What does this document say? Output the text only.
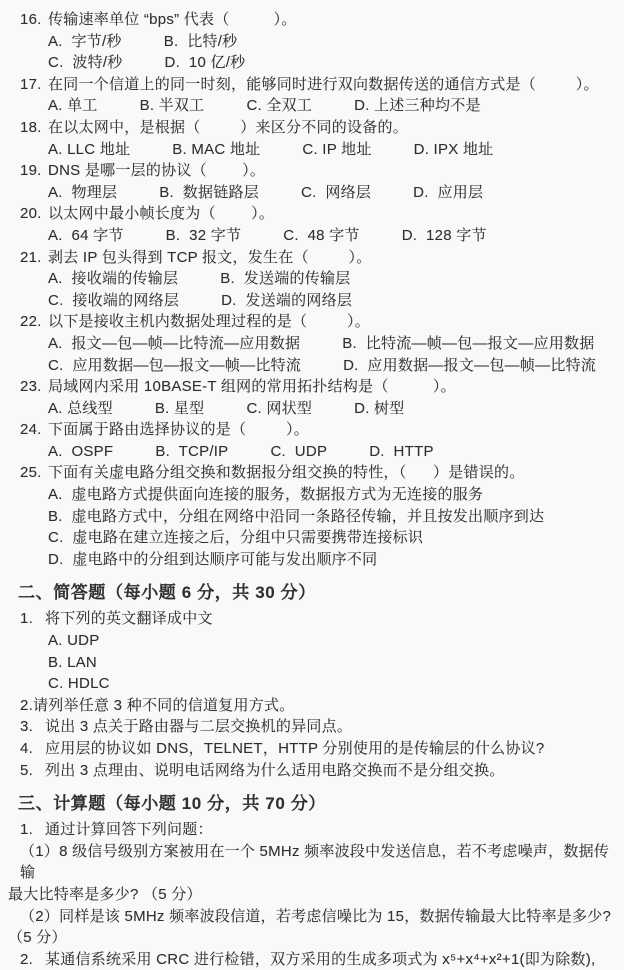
16. 传输速率单位 “bps” 代表（          ）。
A.  字节/秒	B.  比特/秒
C.  波特/秒	D.  10 亿/秒
17. 在同一个信道上的同一时刻，能够同时进行双向数据传送的通信方式是（         ）。
A. 单工	B. 半双工	C. 全双工	D. 上述三种均不是
18. 在以太网中，是根据（         ）来区分不同的设备的。
A. LLC 地址	B. MAC 地址	C. IP 地址	D. IPX 地址
19. DNS 是哪一层的协议（        ）。
A.  物理层	B.  数据链路层	C.  网络层	D.  应用层
20. 以太网中最小帧长度为（        ）。
A.  64 字节	B.  32 字节	C.  48 字节	D.  128 字节
21. 剥去 IP 包头得到 TCP 报文，发生在（         ）。
A.  接收端的传输层	B.  发送端的传输层
C.  接收端的网络层	D.  发送端的网络层
22. 以下是接收主机内数据处理过程的是（         ）。
A.  报文—包—帧—比特流—应用数据	B.  比特流—帧—包—报文—应用数据
C.  应用数据—包—报文—帧—比特流	D.  应用数据—报文—包—帧—比特流
23. 局域网内采用 10BASE-T 组网的常用拓扑结构是（          ）。
A. 总线型	B. 星型	C. 网状型	D. 树型
24. 下面属于路由选择协议的是（         ）。
A.  OSPF	B.  TCP/IP	C.  UDP	D.  HTTP
25. 下面有关虚电路分组交换和数据报分组交换的特性，（      ）是错误的。
A.  虚电路方式提供面向连接的服务，数据报方式为无连接的服务
B.  虚电路方式中，分组在网络中沿同一条路径传输，并且按发出顺序到达
C.  虚电路在建立连接之后，分组中只需要携带连接标识
D.  虚电路中的分组到达顺序可能与发出顺序不同
二、简答题（每小题 6 分，共 30 分）
1. 将下列的英文翻译成中文
A. UDP
B. LAN
C. HDLC
2.请列举任意 3 种不同的信道复用方式。
3. 说出 3 点关于路由器与二层交换机的异同点。
4. 应用层的协议如 DNS，TELNET，HTTP 分别使用的是传输层的什么协议?
5. 列出 3 点理由、说明电话网络为什么适用电路交换而不是分组交换。
三、计算题（每小题 10 分，共 70 分）
1. 通过计算回答下列问题：
（1）8 级信号级别方案被用在一个 5MHz 频率波段中发送信息，若不考虑噪声，数据传输
最大比特率是多少? （5 分）
（2）同样是该 5MHz 频率波段信道，若考虑信噪比为 15，数据传输最大比特率是多少?
（5 分）
2. 某通信系统采用 CRC 进行检错，双方采用的生成多项式为 x⁵+x⁴+x²+1(即为除数),
